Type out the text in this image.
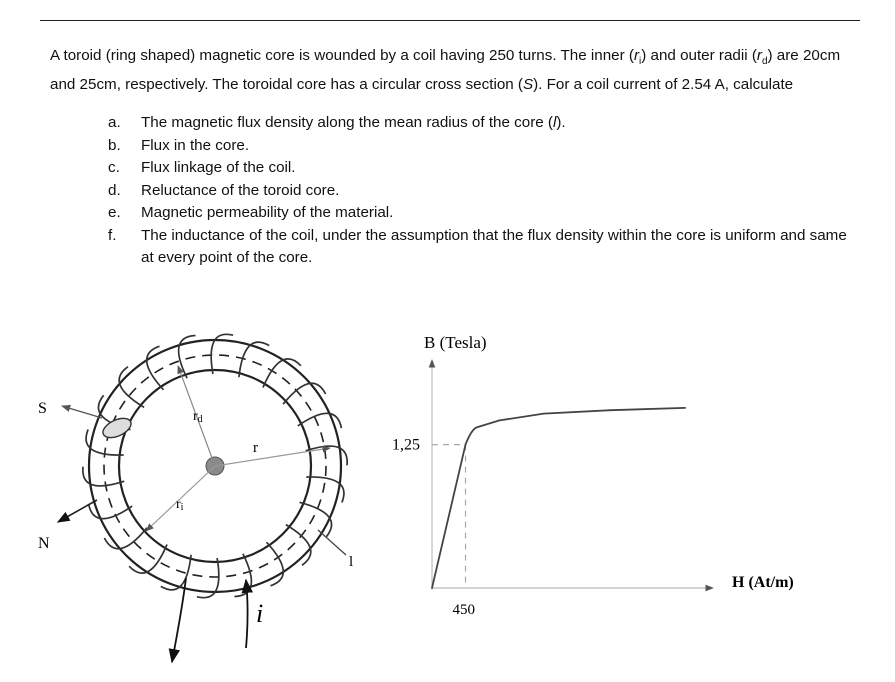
A toroid (ring shaped) magnetic core is wounded by a coil having 250 turns. The inner $(r_i)$ and outer radii $(r_d)$ are 20cm and 25cm, respectively. The toroidal core has a circular cross section (S). For a coil current of 2.54 A, calculate
a.	The magnetic flux density along the mean radius of the core (l).
b.	Flux in the core.
c.	Flux linkage of the coil.
d.	Reluctance of the toroid core.
e.	Magnetic permeability of the material.
f.	The inductance of the coil, under the assumption that the flux density within the core is uniform and same at every point of the core.
S
N
rd
r
ri
l
i
B (Tesla)
H (At/m)
1,25
450
